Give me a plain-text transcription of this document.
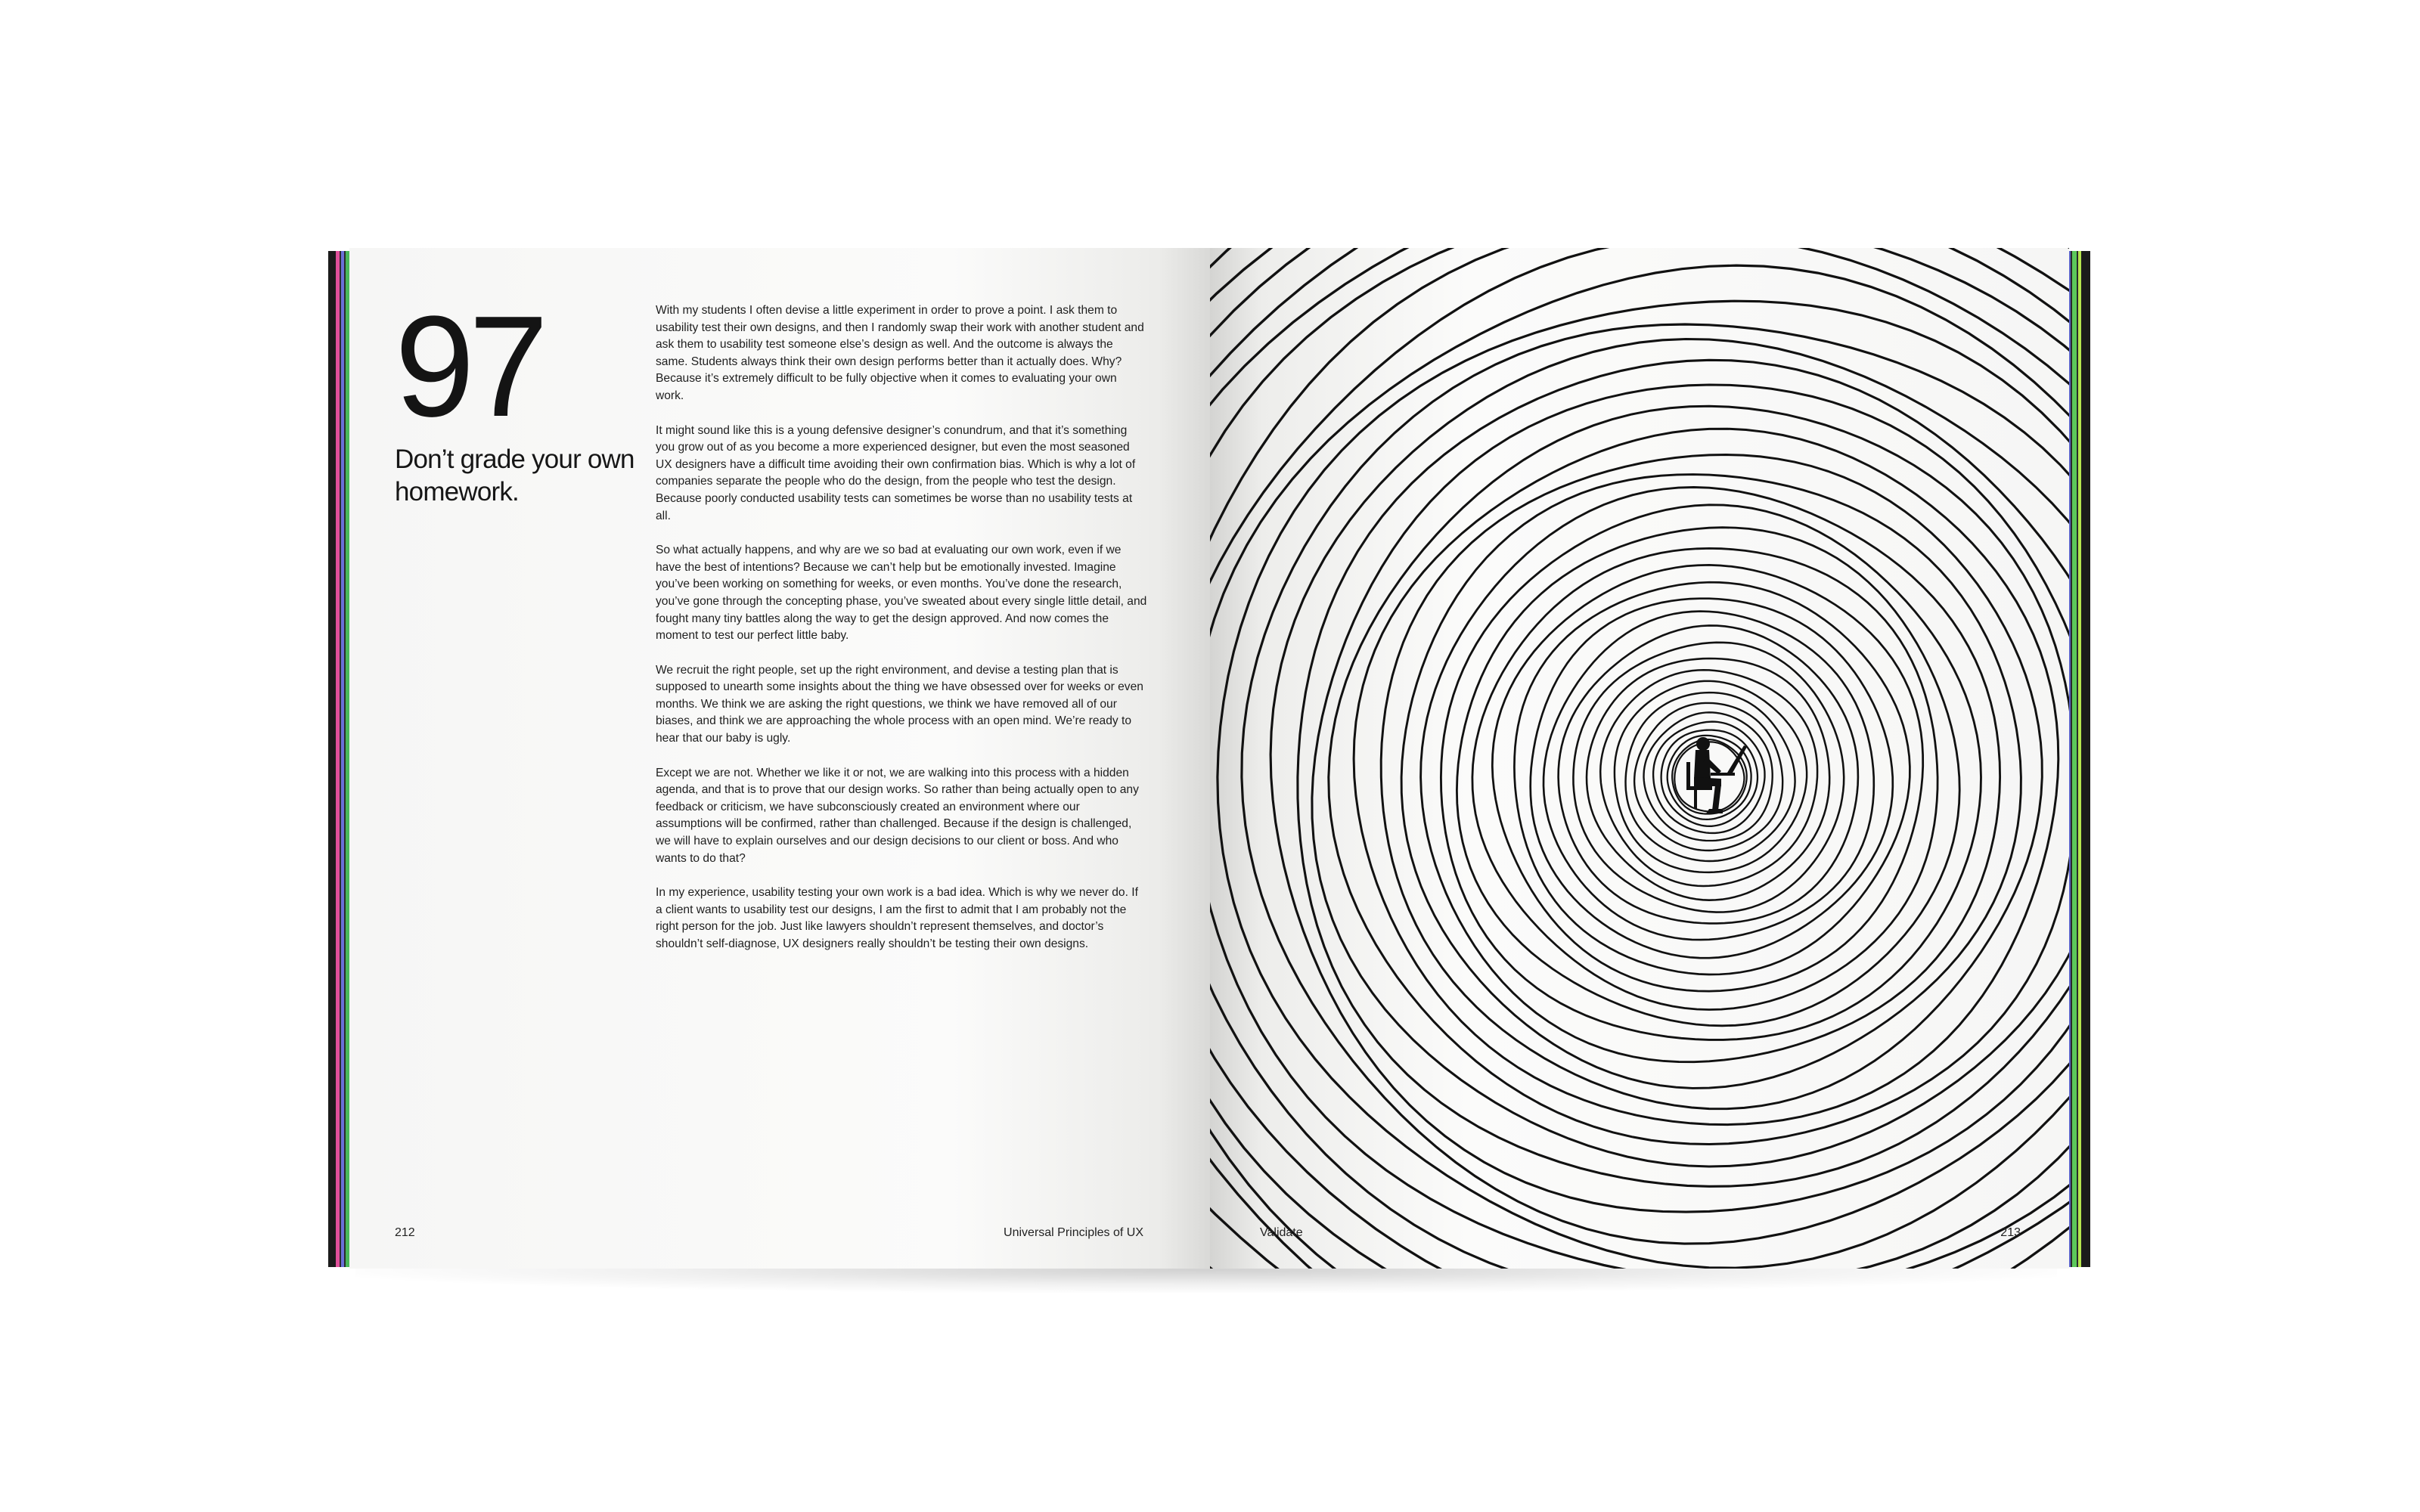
97
Don’t grade your own homework.

With my students I often devise a little experiment in order to prove a point. I ask them to usability test their own designs, and then I randomly swap their work with another student and ask them to usability test someone else’s design as well. And the outcome is always the same. Students always think their own design performs better than it actually does. Why? Because it’s extremely difficult to be fully objective when it comes to evaluating your own work.

It might sound like this is a young defensive designer’s conundrum, and that it’s something you grow out of as you become a more experienced designer, but even the most seasoned UX designers have a difficult time avoiding their own confirmation bias. Which is why a lot of companies separate the people who do the design, from the people who test the design. Because poorly conducted usability tests can sometimes be worse than no usability tests at all.

So what actually happens, and why are we so bad at evaluating our own work, even if we have the best of intentions? Because we can’t help but be emotionally invested. Imagine you’ve been working on something for weeks, or even months. You’ve done the research, you’ve gone through the concepting phase, you’ve sweated about every single little detail, and fought many tiny battles along the way to get the design approved. And now comes the moment to test our perfect little baby.

We recruit the right people, set up the right environment, and devise a testing plan that is supposed to unearth some insights about the thing we have obsessed over for weeks or even months. We think we are asking the right questions, we think we have removed all of our biases, and think we are approaching the whole process with an open mind. We’re ready to hear that our baby is ugly.

Except we are not. Whether we like it or not, we are walking into this process with a hidden agenda, and that is to prove that our design works. So rather than being actually open to any feedback or criticism, we have subconsciously created an environment where our assumptions will be confirmed, rather than challenged. Because if the design is challenged, we will have to explain ourselves and our design decisions to our client or boss. And who wants to do that?

In my experience, usability testing your own work is a bad idea. Which is why we never do. If a client wants to usability test our designs, I am the first to admit that I am probably not the right person for the job. Just like lawyers shouldn’t represent themselves, and doctor’s shouldn’t self-diagnose, UX designers really shouldn’t be testing their own designs.

212	Universal Principles of UX	Validate	213
